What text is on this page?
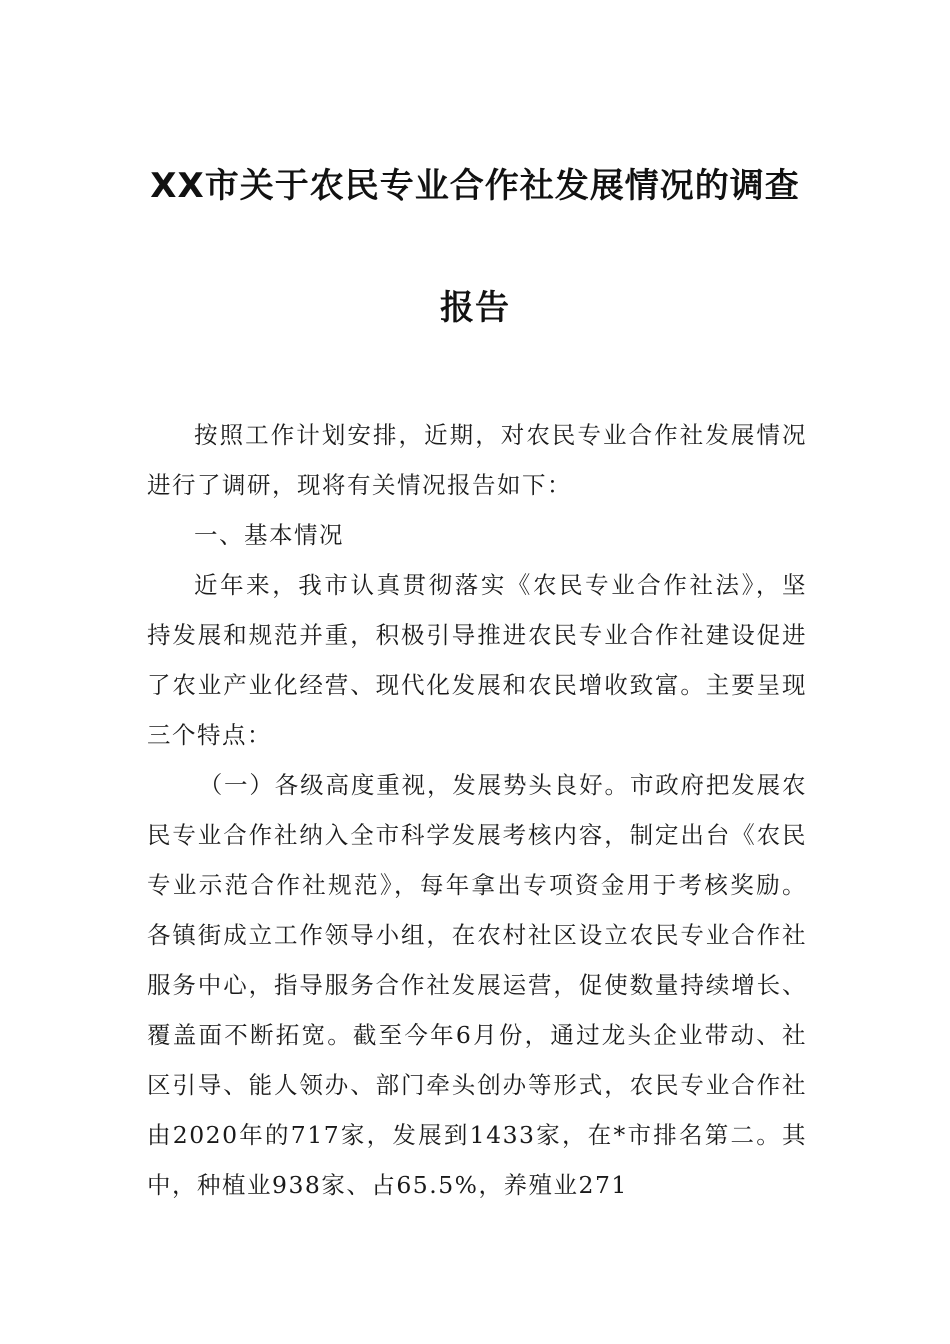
XX市关于农民专业合作社发展情况的调查
报告

按照工作计划安排，近期，对农民专业合作社发展情况进行了调研，现将有关情况报告如下：

一、基本情况

近年来，我市认真贯彻落实《农民专业合作社法》，坚持发展和规范并重，积极引导推进农民专业合作社建设促进了农业产业化经营、现代化发展和农民增收致富。主要呈现三个特点：

（一）各级高度重视，发展势头良好。市政府把发展农民专业合作社纳入全市科学发展考核内容，制定出台《农民专业示范合作社规范》，每年拿出专项资金用于考核奖励。各镇街成立工作领导小组，在农村社区设立农民专业合作社服务中心，指导服务合作社发展运营，促使数量持续增长、覆盖面不断拓宽。截至今年6月份，通过龙头企业带动、社区引导、能人领办、部门牵头创办等形式，农民专业合作社由2020年的717家，发展到1433家，在*市排名第二。其中，种植业938家、占65.5%，养殖业271
